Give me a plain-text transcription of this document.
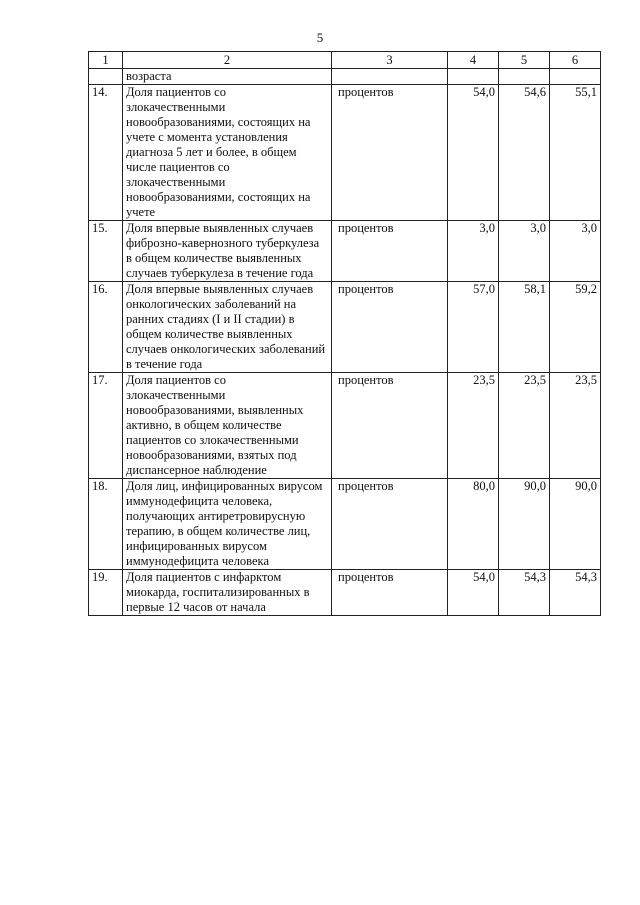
5
1	2	3	4	5	6
	возраста				
14.	Доля пациентов со злокачественными новообразованиями, состоящих на учете с момента установления диагноза 5 лет и более, в общем числе пациентов со злокачественными новообразованиями, состоящих на учете	процентов	54,0	54,6	55,1
15.	Доля впервые выявленных случаев фиброзно-кавернозного туберкулеза в общем количестве выявленных случаев туберкулеза в течение года	процентов	3,0	3,0	3,0
16.	Доля впервые выявленных случаев онкологических заболеваний на ранних стадиях (I и II стадии) в общем количестве выявленных случаев онкологических заболеваний в течение года	процентов	57,0	58,1	59,2
17.	Доля пациентов со злокачественными новообразованиями, выявленных активно, в общем количестве пациентов со злокачественными новообразованиями, взятых под диспансерное наблюдение	процентов	23,5	23,5	23,5
18.	Доля лиц, инфицированных вирусом иммунодефицита человека, получающих антиретровирусную терапию, в общем количестве лиц, инфицированных вирусом иммунодефицита человека	процентов	80,0	90,0	90,0
19.	Доля пациентов с инфарктом миокарда, госпитализированных в первые 12 часов от начала	процентов	54,0	54,3	54,3
